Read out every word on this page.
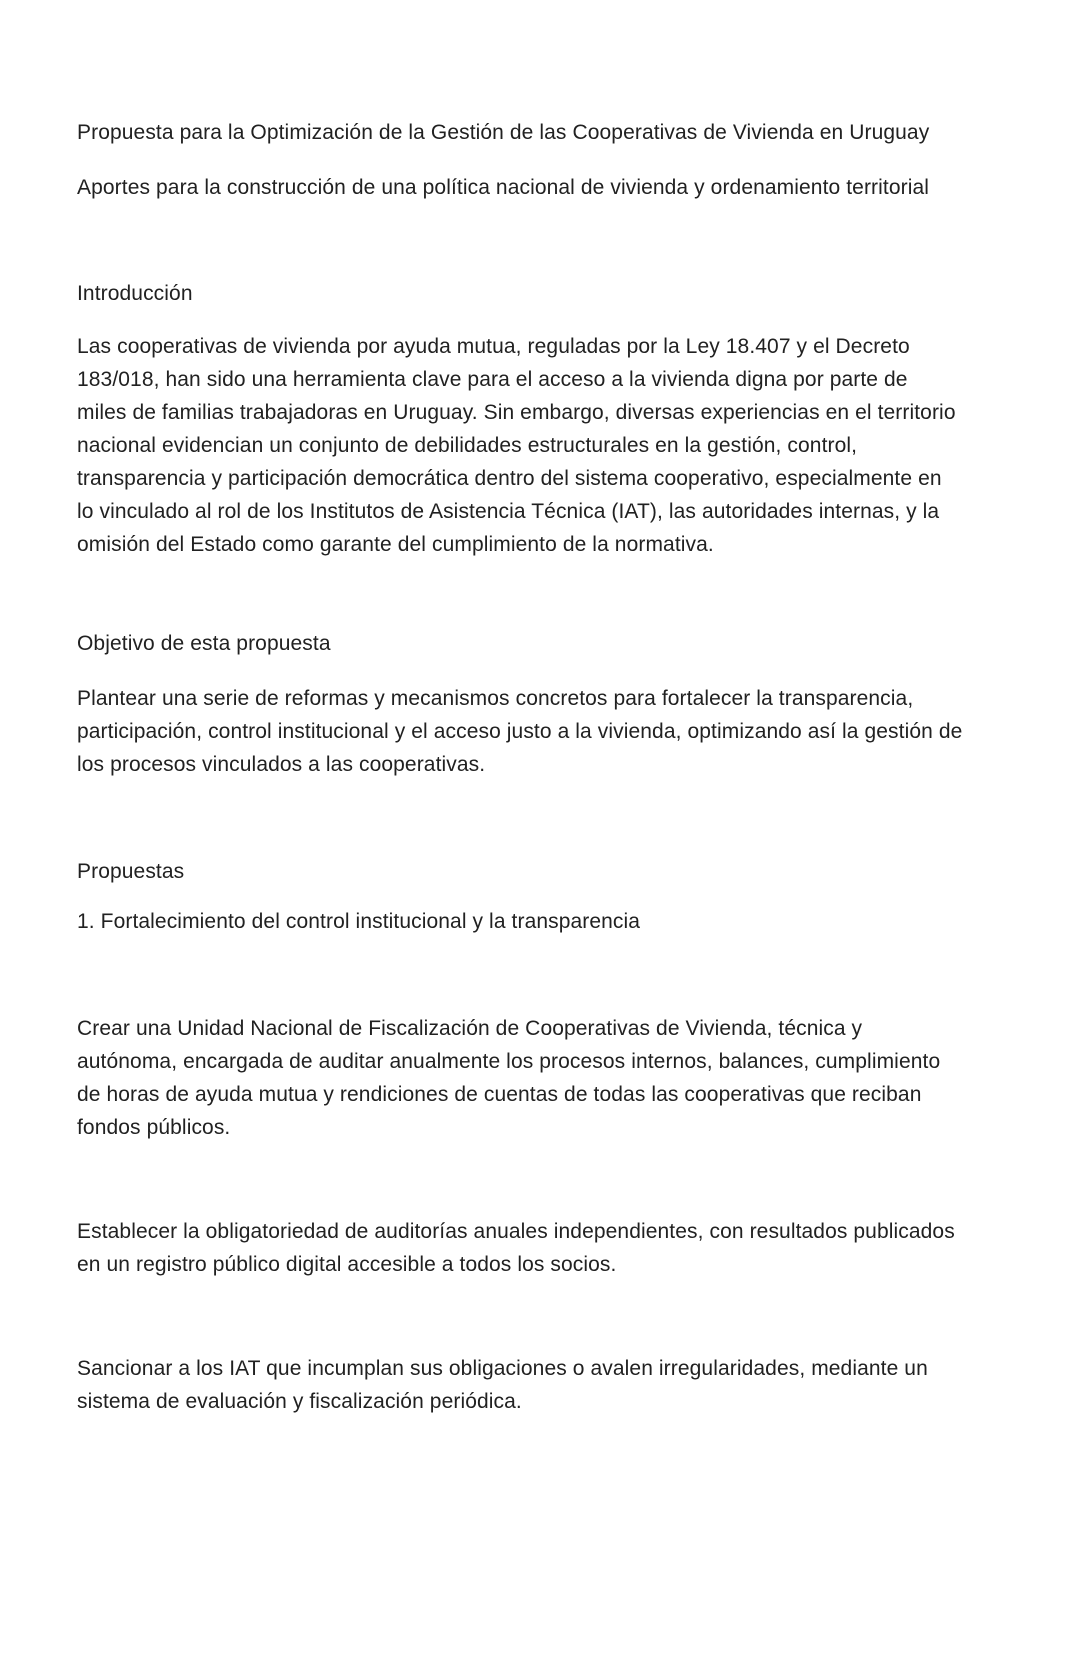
Propuesta para la Optimización de la Gestión de las Cooperativas de Vivienda en Uruguay
Aportes para la construcción de una política nacional de vivienda y ordenamiento territorial
Introducción
Las cooperativas de vivienda por ayuda mutua, reguladas por la Ley 18.407 y el Decreto 183/018, han sido una herramienta clave para el acceso a la vivienda digna por parte de miles de familias trabajadoras en Uruguay. Sin embargo, diversas experiencias en el territorio nacional evidencian un conjunto de debilidades estructurales en la gestión, control, transparencia y participación democrática dentro del sistema cooperativo, especialmente en lo vinculado al rol de los Institutos de Asistencia Técnica (IAT), las autoridades internas, y la omisión del Estado como garante del cumplimiento de la normativa.
Objetivo de esta propuesta
Plantear una serie de reformas y mecanismos concretos para fortalecer la transparencia, participación, control institucional y el acceso justo a la vivienda, optimizando así la gestión de los procesos vinculados a las cooperativas.
Propuestas
1. Fortalecimiento del control institucional y la transparencia
Crear una Unidad Nacional de Fiscalización de Cooperativas de Vivienda, técnica y autónoma, encargada de auditar anualmente los procesos internos, balances, cumplimiento de horas de ayuda mutua y rendiciones de cuentas de todas las cooperativas que reciban fondos públicos.
Establecer la obligatoriedad de auditorías anuales independientes, con resultados publicados en un registro público digital accesible a todos los socios.
Sancionar a los IAT que incumplan sus obligaciones o avalen irregularidades, mediante un sistema de evaluación y fiscalización periódica.
